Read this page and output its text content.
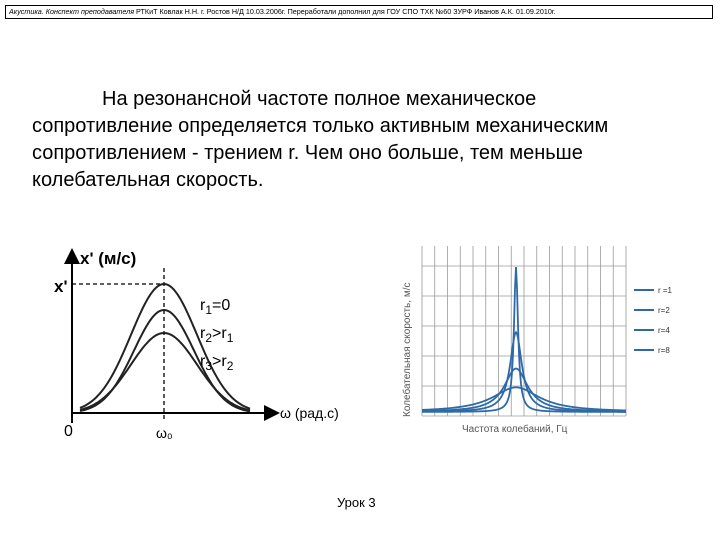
Акустика. Конспект преподавателя РТКиТ Ковлак Н.Н. г. Ростов Н/Д 10.03.2006г. Переработали дополнил для ГОУ СПО ТХК №60 ЗУРФ Иванов А.К. 01.09.2010г.
На резонансной частоте полное механическое сопротивление определяется только активным механическим сопротивлением - трением r. Чем оно больше, тем меньше колебательная скорость.
x' (м/с)
x'
0	ω₀
ω (рад.с)
$r_1=0$
$r_2>r_1$
$r_3>r_2$
r =1
r=2
r=4
r=8
Колебательная скорость, м/с
Частота колебаний, Гц
Урок 3
